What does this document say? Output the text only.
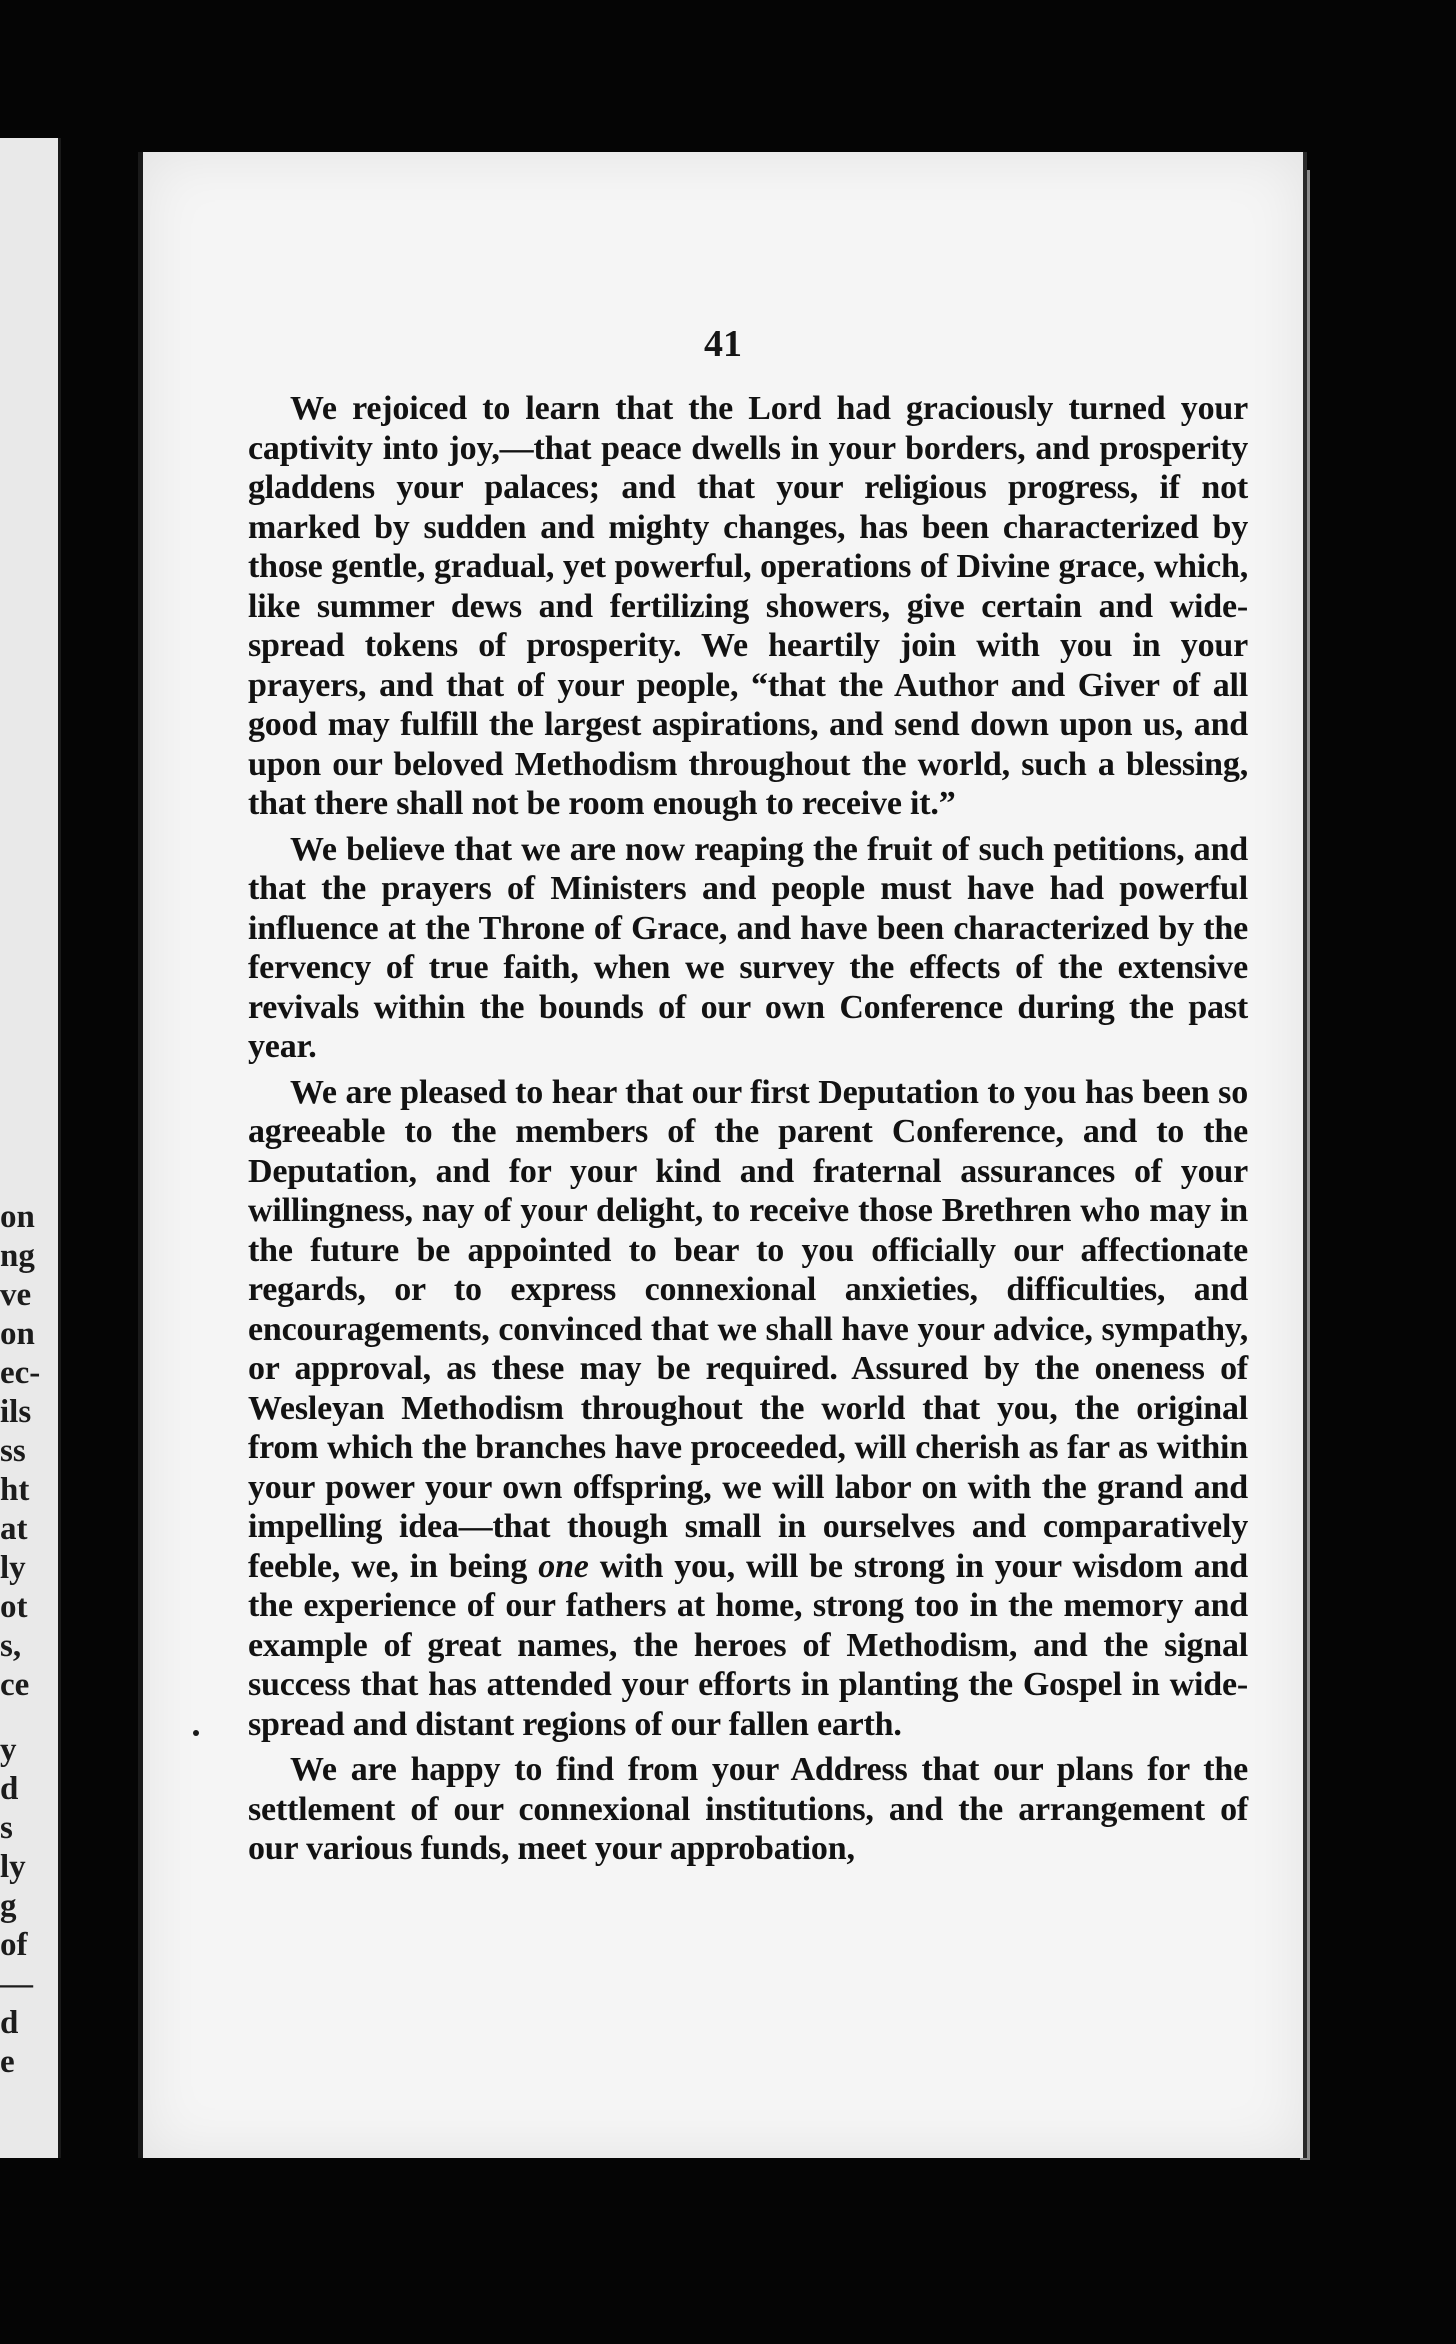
on
ng
ve
on
ec-
ils
ss
ht
at
ly
ot
s,
ce
y
d
s
ly
g
of
—
d
e

41

We rejoiced to learn that the Lord had graciously turned your captivity into joy,—that peace dwells in your borders, and prosperity gladdens your palaces; and that your religious progress, if not marked by sudden and mighty changes, has been characterized by those gentle, gradual, yet powerful, operations of Divine grace, which, like summer dews and fertilizing showers, give certain and wide-spread tokens of prosperity. We heartily join with you in your prayers, and that of your people, “that the Author and Giver of all good may fulfill the largest aspirations, and send down upon us, and upon our beloved Methodism throughout the world, such a blessing, that there shall not be room enough to receive it.”

We believe that we are now reaping the fruit of such petitions, and that the prayers of Ministers and people must have had powerful influence at the Throne of Grace, and have been characterized by the fervency of true faith, when we survey the effects of the extensive revivals within the bounds of our own Conference during the past year.

We are pleased to hear that our first Deputation to you has been so agreeable to the members of the parent Conference, and to the Deputation, and for your kind and fraternal assurances of your willingness, nay of your delight, to receive those Brethren who may in the future be appointed to bear to you officially our affectionate regards, or to express connexional anxieties, difficulties, and encouragements, convinced that we shall have your advice, sympathy, or approval, as these may be required. Assured by the oneness of Wesleyan Methodism throughout the world that you, the original from which the branches have proceeded, will cherish as far as within your power your own offspring, we will labor on with the grand and impelling idea—that though small in ourselves and comparatively feeble, we, in being one with you, will be strong in your wisdom and the experience of our fathers at home, strong too in the memory and example of great names, the heroes of Methodism, and the signal success that has attended your efforts in planting the Gospel in wide-spread and distant regions of our fallen earth.

We are happy to find from your Address that our plans for the settlement of our connexional institutions, and the arrangement of our various funds, meet your approbation,
